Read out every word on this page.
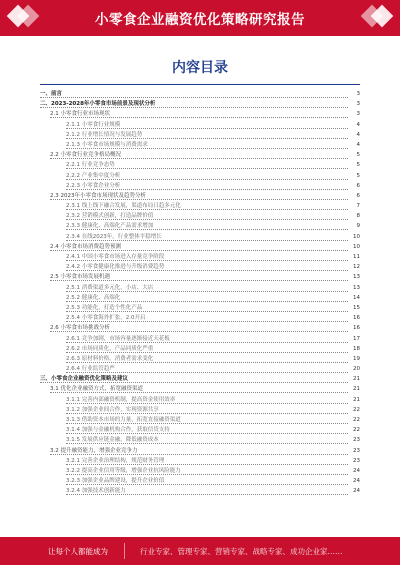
小零食企业融资优化策略研究报告
内容目录
一、前言	3
二、2023-2028年小零食市场前景及现状分析	3
2.1 小零食行业市场现状	3
2.1.1 小零食行业规模	4
2.1.2 行业增长情况与发展趋势	4
2.1.3 小零食市场规模与消费需求	4
2.2 小零食行业竞争格局概况	5
2.2.1 行业竞争态势	5
2.2.2 产业集中度分析	5
2.2.3 小零食企业分析	6
2.3 2023年小零食市场现状及趋势分析	6
2.3.1 线上线下融合发展，渠道布局日趋多元化	7
2.3.2 营销模式创新，打造品牌价值	8
2.3.3 健康化、高端化产品需求增加	9
2.3.4 在线2023年，行业整体平稳增长	10
2.4 小零食市场消费趋势预测	10
2.4.1 中国小零食市场进入存量竞争阶段	11
2.4.2 小零食健康化推进与升级消费趋势	12
2.5 小零食市场发展机遇	13
2.5.1 消费渠道多元化，小店、大店	13
2.5.2 健康化、高端化	14
2.5.3 功能化，打造个性化产品	15
2.5.4 小零食海外扩张，2.0开启	16
2.6 小零食市场挑战分析	16
2.6.1 竞争加剧，市场容量逐渐接近天花板	17
2.6.2 市场同质化，产品同质化严重	18
2.6.3 原材料价格，消费者需求变化	19
2.6.4 行业监管趋严	20
三、小零食企业融资优化策略及建议	21
3.1 优化企业融资方式，拓宽融资渠道	21
3.1.1 完善内部融资机制，提高资金使用效率	21
3.1.2 加强企业间合作，实现资源共享	22
3.1.3 借助资本市场的力量，拓宽直接融资渠道	22
3.1.4 加强与金融机构合作，获取信贷支持	22
3.1.5 发展供应链金融，降低融资成本	23
3.2 提升融资能力，增强企业竞争力	23
3.2.1 完善企业治理结构，规范财务管理	23
3.2.2 提高企业信用等级，增强企业抗风险能力	24
3.2.3 加强企业品牌建设，提升企业价值	24
3.2.4 加强技术创新能力	24
让每个人都能成为	行业专家、管理专家、营销专家、战略专家、成功企业家……
